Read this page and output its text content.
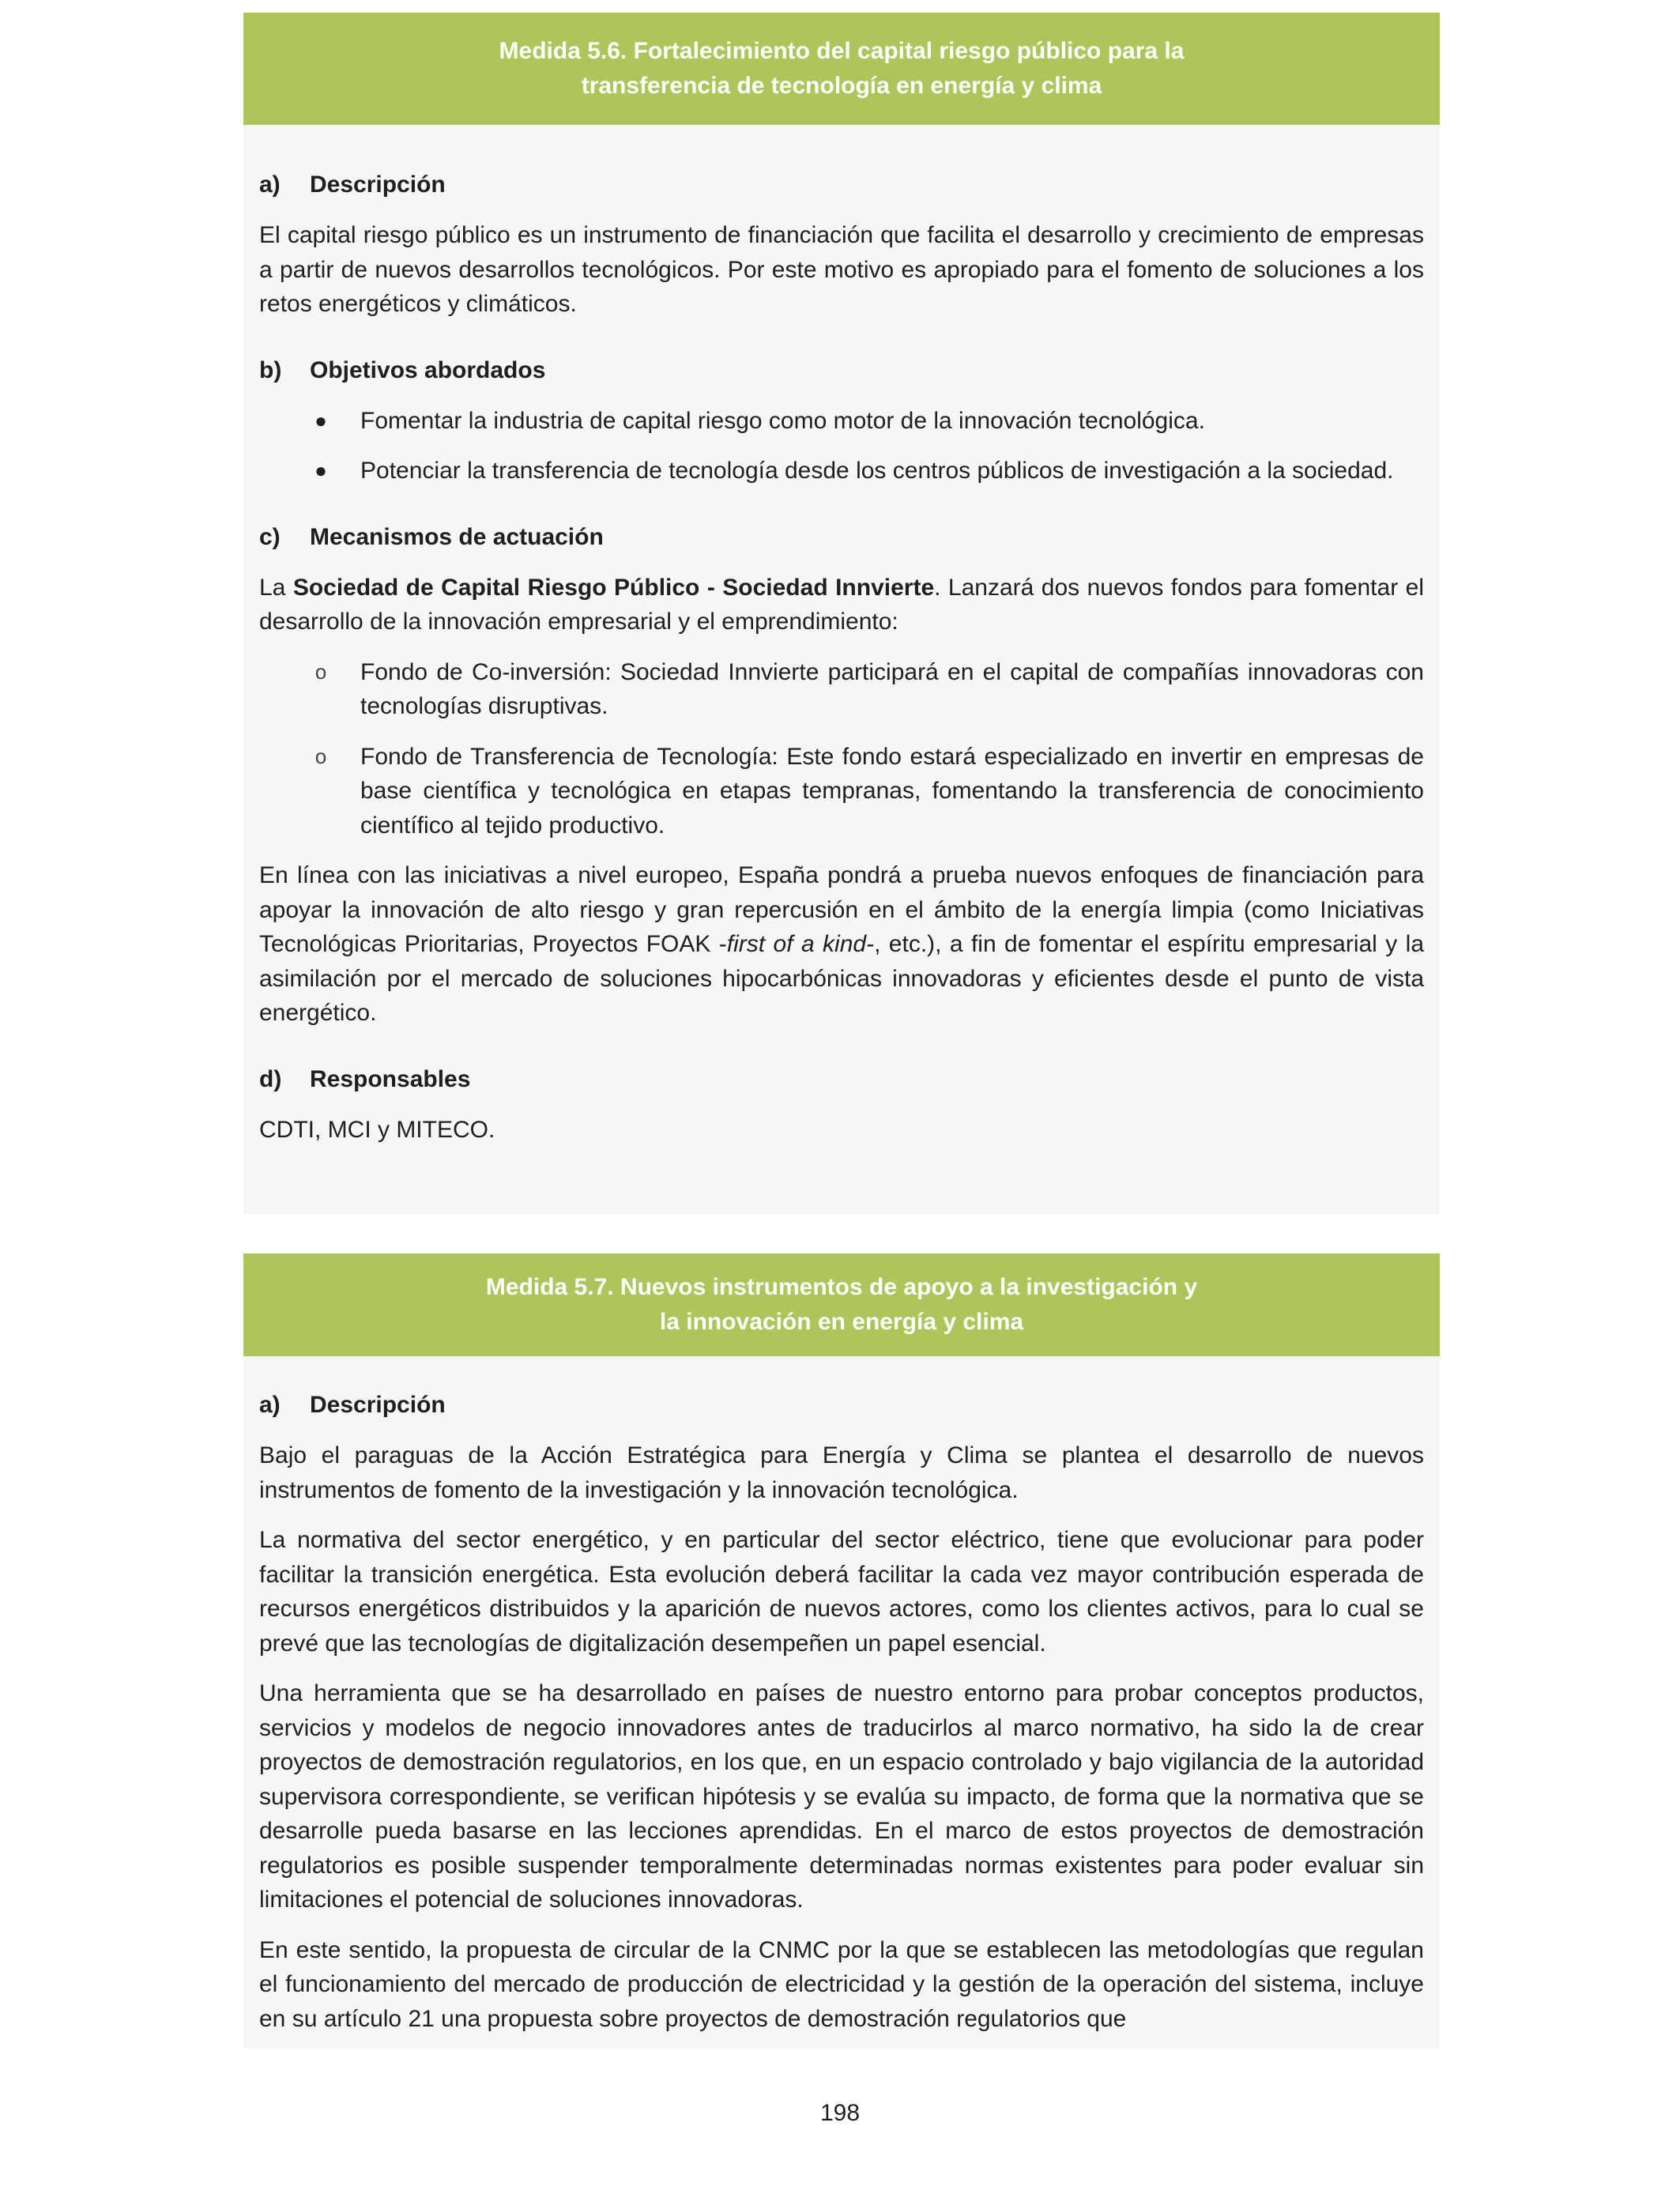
Medida 5.6. Fortalecimiento del capital riesgo público para la
transferencia de tecnología en energía y clima
a)	Descripción

El capital riesgo público es un instrumento de financiación que facilita el desarrollo y crecimiento de empresas a partir de nuevos desarrollos tecnológicos. Por este motivo es apropiado para el fomento de soluciones a los retos energéticos y climáticos.

b)	Objetivos abordados
●	Fomentar la industria de capital riesgo como motor de la innovación tecnológica.
●	Potenciar la transferencia de tecnología desde los centros públicos de investigación a la sociedad.
c)	Mecanismos de actuación

La Sociedad de Capital Riesgo Público - Sociedad Innvierte. Lanzará dos nuevos fondos para fomentar el desarrollo de la innovación empresarial y el emprendimiento:

o	Fondo de Co-inversión: Sociedad Innvierte participará en el capital de compañías innovadoras con tecnologías disruptivas.
o	Fondo de Transferencia de Tecnología: Este fondo estará especializado en invertir en empresas de base científica y tecnológica en etapas tempranas, fomentando la transferencia de conocimiento científico al tejido productivo.

En línea con las iniciativas a nivel europeo, España pondrá a prueba nuevos enfoques de financiación para apoyar la innovación de alto riesgo y gran repercusión en el ámbito de la energía limpia (como Iniciativas Tecnológicas Prioritarias, Proyectos FOAK -first of a kind-, etc.), a fin de fomentar el espíritu empresarial y la asimilación por el mercado de soluciones hipocarbónicas innovadoras y eficientes desde el punto de vista energético.

d)	Responsables

CDTI, MCI y MITECO.

Medida 5.7. Nuevos instrumentos de apoyo a la investigación y
la innovación en energía y clima
a)	Descripción

Bajo el paraguas de la Acción Estratégica para Energía y Clima se plantea el desarrollo de nuevos instrumentos de fomento de la investigación y la innovación tecnológica.

La normativa del sector energético, y en particular del sector eléctrico, tiene que evolucionar para poder facilitar la transición energética. Esta evolución deberá facilitar la cada vez mayor contribución esperada de recursos energéticos distribuidos y la aparición de nuevos actores, como los clientes activos, para lo cual se prevé que las tecnologías de digitalización desempeñen un papel esencial.

Una herramienta que se ha desarrollado en países de nuestro entorno para probar conceptos productos, servicios y modelos de negocio innovadores antes de traducirlos al marco normativo, ha sido la de crear proyectos de demostración regulatorios, en los que, en un espacio controlado y bajo vigilancia de la autoridad supervisora correspondiente, se verifican hipótesis y se evalúa su impacto, de forma que la normativa que se desarrolle pueda basarse en las lecciones aprendidas. En el marco de estos proyectos de demostración regulatorios es posible suspender temporalmente determinadas normas existentes para poder evaluar sin limitaciones el potencial de soluciones innovadoras.

En este sentido, la propuesta de circular de la CNMC por la que se establecen las metodologías que regulan el funcionamiento del mercado de producción de electricidad y la gestión de la operación del sistema, incluye en su artículo 21 una propuesta sobre proyectos de demostración regulatorios que

198
